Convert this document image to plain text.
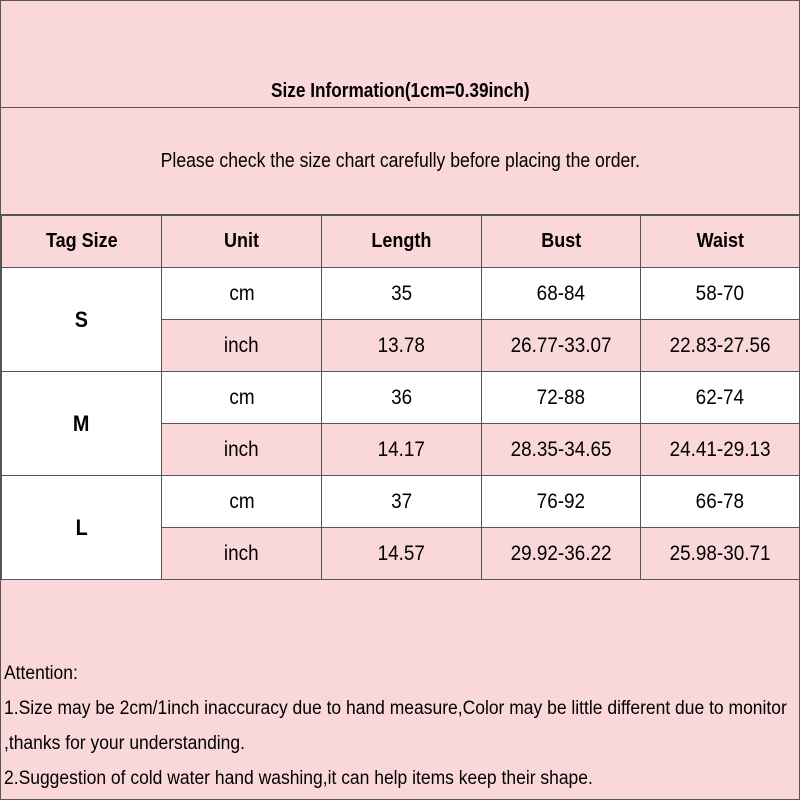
Size Information(1cm=0.39inch)
Please check the size chart carefully before placing the order.
Tag Size	Unit	Length	Bust	Waist
S	cm	35	68-84	58-70
	inch	13.78	26.77-33.07	22.83-27.56
M	cm	36	72-88	62-74
	inch	14.17	28.35-34.65	24.41-29.13
L	cm	37	76-92	66-78
	inch	14.57	29.92-36.22	25.98-30.71
Attention:
1.Size may be 2cm/1inch inaccuracy due to hand measure,Color may be little different due to monitor
,thanks for your understanding.
2.Suggestion of cold water hand washing,it can help items keep their shape.
